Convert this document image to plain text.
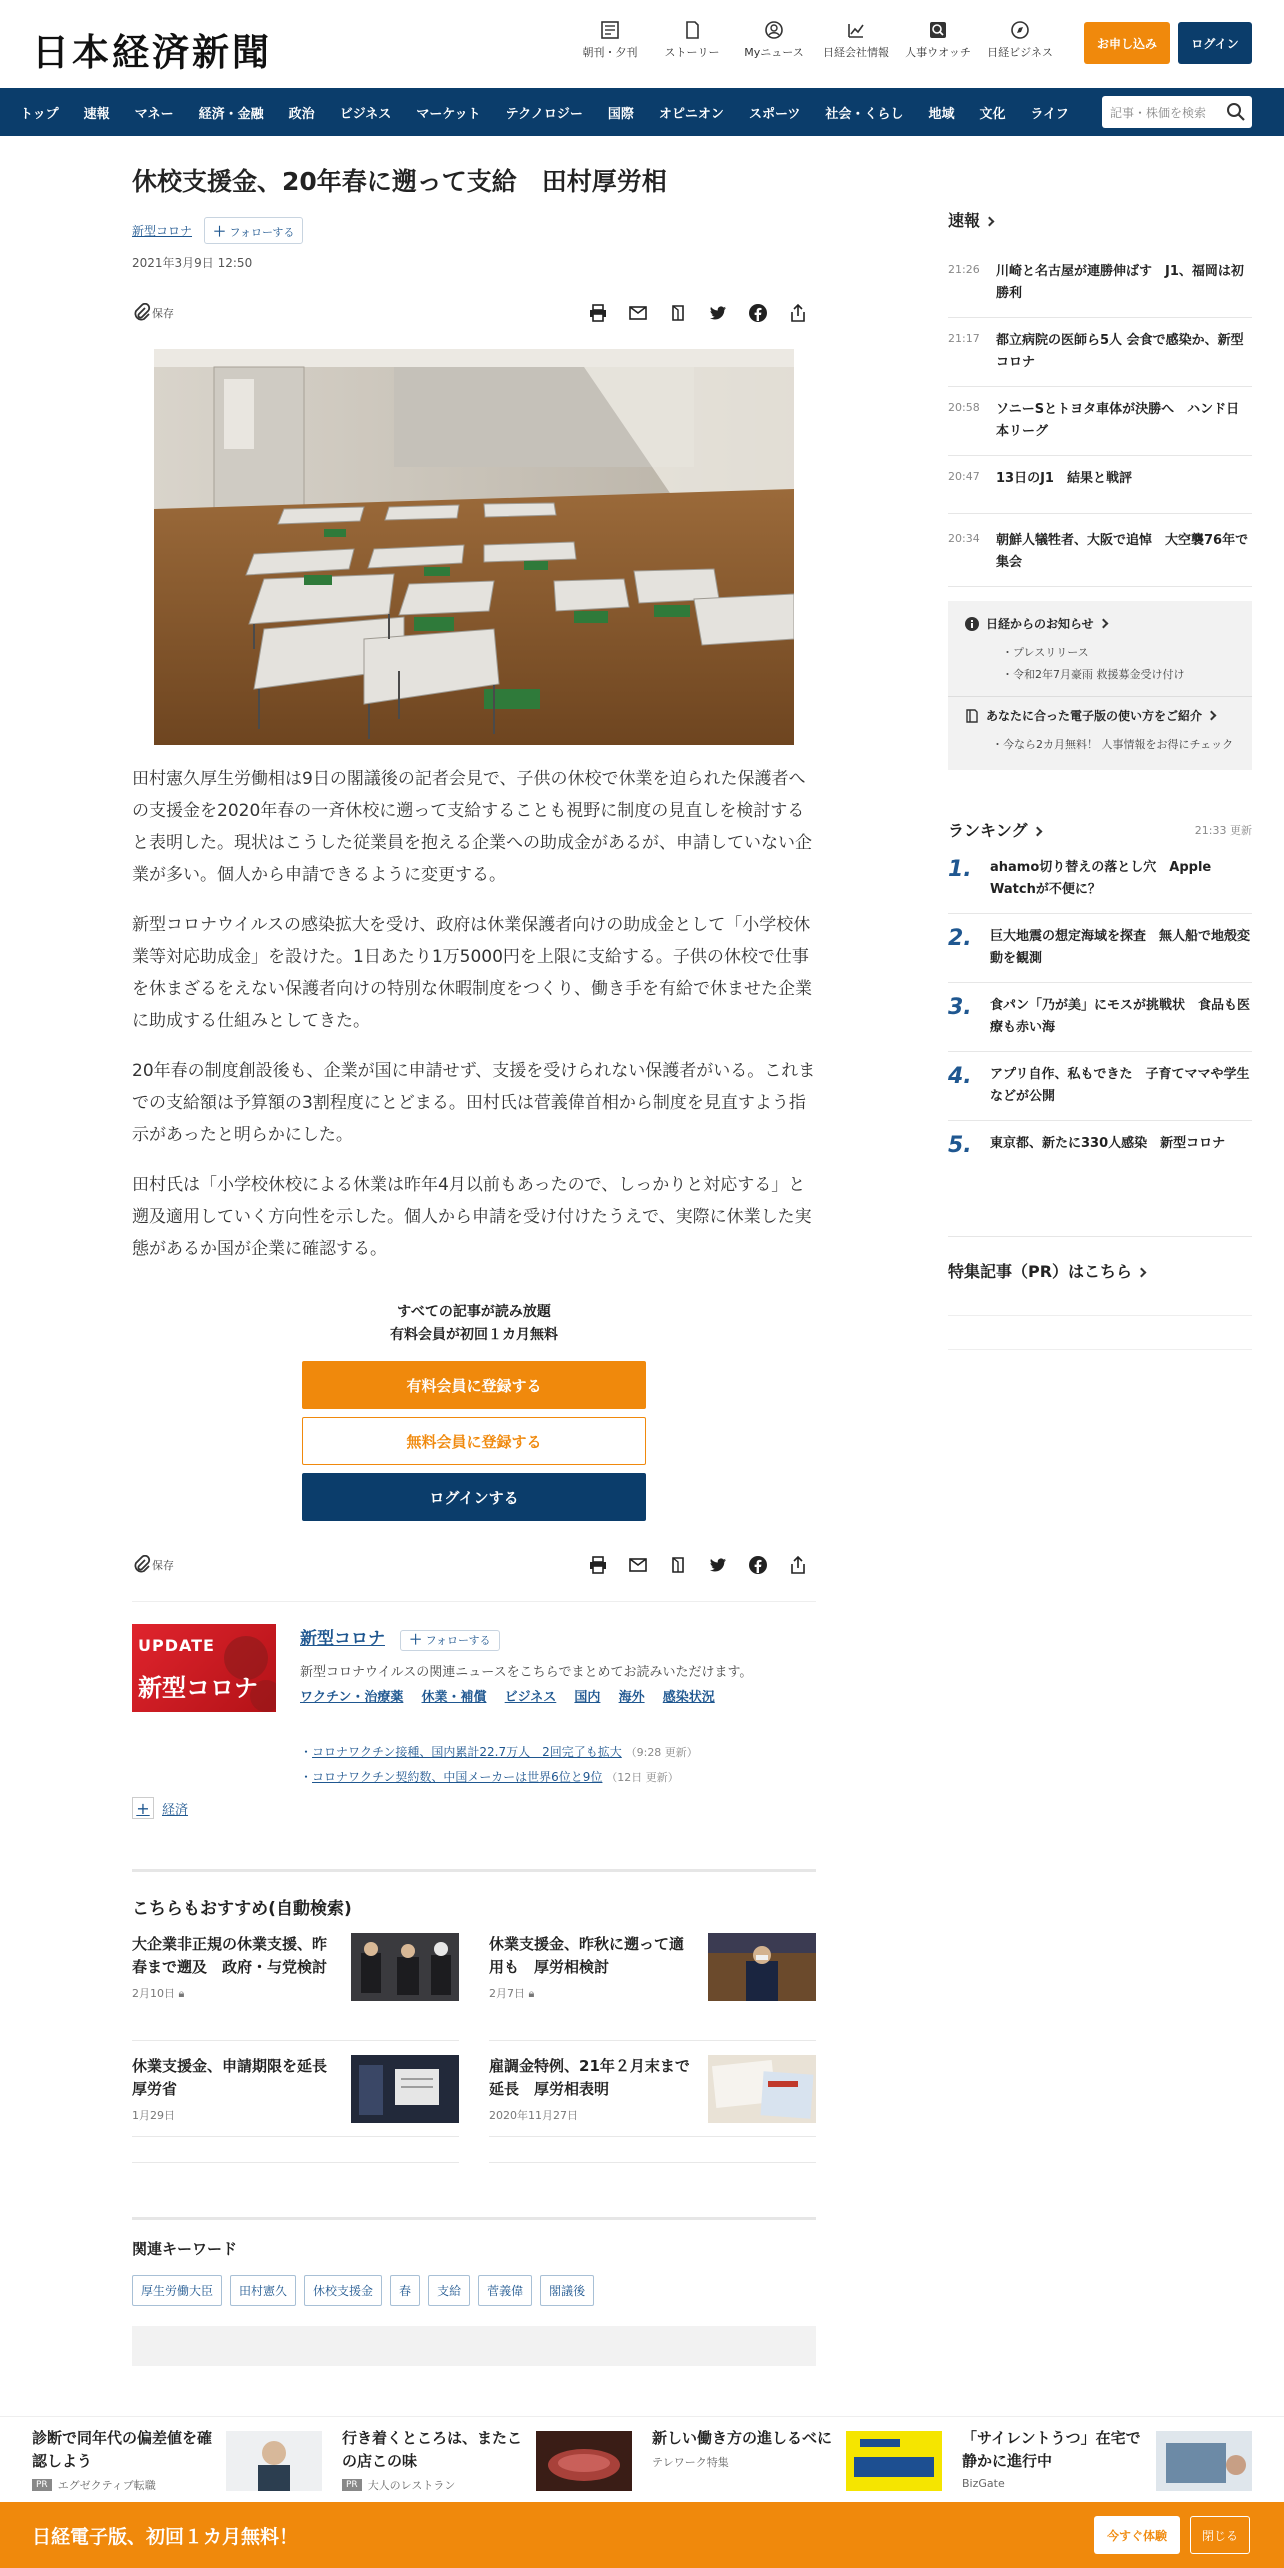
日本経済新聞	朝刊・夕刊	ストーリー	Myニュース	日経会社情報	人事ウオッチ	日経ビジネス
お申し込み	ログイン
トップ 速報 マネー 経済・金融 政治 ビジネス マーケット テクノロジー 国際 オピニオン スポーツ 社会・くらし 地域 文化 ライフ	記事・株価を検索
休校支援金、20年春に遡って支給　田村厚労相
新型コロナ	＋ フォローする
2021年3月9日 12:50
保存

田村憲久厚生労働相は9日の閣議後の記者会見で、子供の休校で休業を迫られた保護者への支援金を2020年春の一斉休校に遡って支給することも視野に制度の見直しを検討すると表明した。現状はこうした従業員を抱える企業への助成金があるが、申請していない企業が多い。個人から申請できるように変更する。

新型コロナウイルスの感染拡大を受け、政府は休業保護者向けの助成金として「小学校休業等対応助成金」を設けた。1日あたり1万5000円を上限に支給する。子供の休校で仕事を休まざるをえない保護者向けの特別な休暇制度をつくり、働き手を有給で休ませた企業に助成する仕組みとしてきた。

20年春の制度創設後も、企業が国に申請せず、支援を受けられない保護者がいる。これまでの支給額は予算額の3割程度にとどまる。田村氏は菅義偉首相から制度を見直すよう指示があったと明らかにした。

田村氏は「小学校休校による休業は昨年4月以前もあったので、しっかりと対応する」と遡及適用していく方向性を示した。個人から申請を受け付けたうえで、実際に休業した実態があるか国が企業に確認する。

すべての記事が読み放題
有料会員が初回１カ月無料
有料会員に登録する
無料会員に登録する
ログインする
保存
UPDATE
新型コロナ
新型コロナ ＋ フォローする
新型コロナウイルスの関連ニュースをこちらでまとめてお読みいただけます。
ワクチン・治療薬 休業・補償 ビジネス 国内 海外 感染状況
・コロナワクチン接種、国内累計22.7万人　2回完了も拡大 （9:28 更新）
・コロナワクチン契約数、中国メーカーは世界6位と9位 （12日 更新）
+ 経済
こちらもおすすめ(自動検索)
大企業非正規の休業支援、昨春まで遡及　政府・与党検討
2月10日 🔒︎
休業支援金、昨秋に遡って適用も　厚労相検討
2月7日 🔒︎
休業支援金、申請期限を延長　厚労省
1月29日
雇調金特例、21年２月末まで延長　厚労相表明
2020年11月27日
関連キーワード
厚生労働大臣	田村憲久	休校支援金	春	支給	菅義偉	閣議後
速報
21:26	川崎と名古屋が連勝伸ばす　J1、福岡は初勝利
21:17	都立病院の医師ら5人 会食で感染か、新型コロナ
20:58	ソニーSとトヨタ車体が決勝へ　ハンド日本リーグ
20:47	13日のJ1　結果と戦評
20:34	朝鮮人犠牲者、大阪で追悼　大空襲76年で集会
日経からのお知らせ
・プレスリリース
・令和2年7月豪雨 救援募金受け付け
あなたに合った電子版の使い方をご紹介
・今なら2カ月無料！ 人事情報をお得にチェック
ランキング	21:33 更新
1.	ahamo切り替えの落とし穴　Apple Watchが不便に？
2.	巨大地震の想定海域を探査　無人船で地殻変動を観測
3.	食パン「乃が美」にモスが挑戦状　食品も医療も赤い海
4.	アプリ自作、私もできた　子育てママや学生などが公開
5.	東京都、新たに330人感染　新型コロナ
特集記事（PR）はこちら
診断で同年代の偏差値を確認しよう
PR エグゼクティブ転職
行き着くところは、またこの店この味
PR 大人のレストラン
新しい働き方の進しるべに
テレワーク特集
「サイレントうつ」在宅で静かに進行中
BizGate
日経電子版、初回１カ月無料！	今すぐ体験	閉じる
